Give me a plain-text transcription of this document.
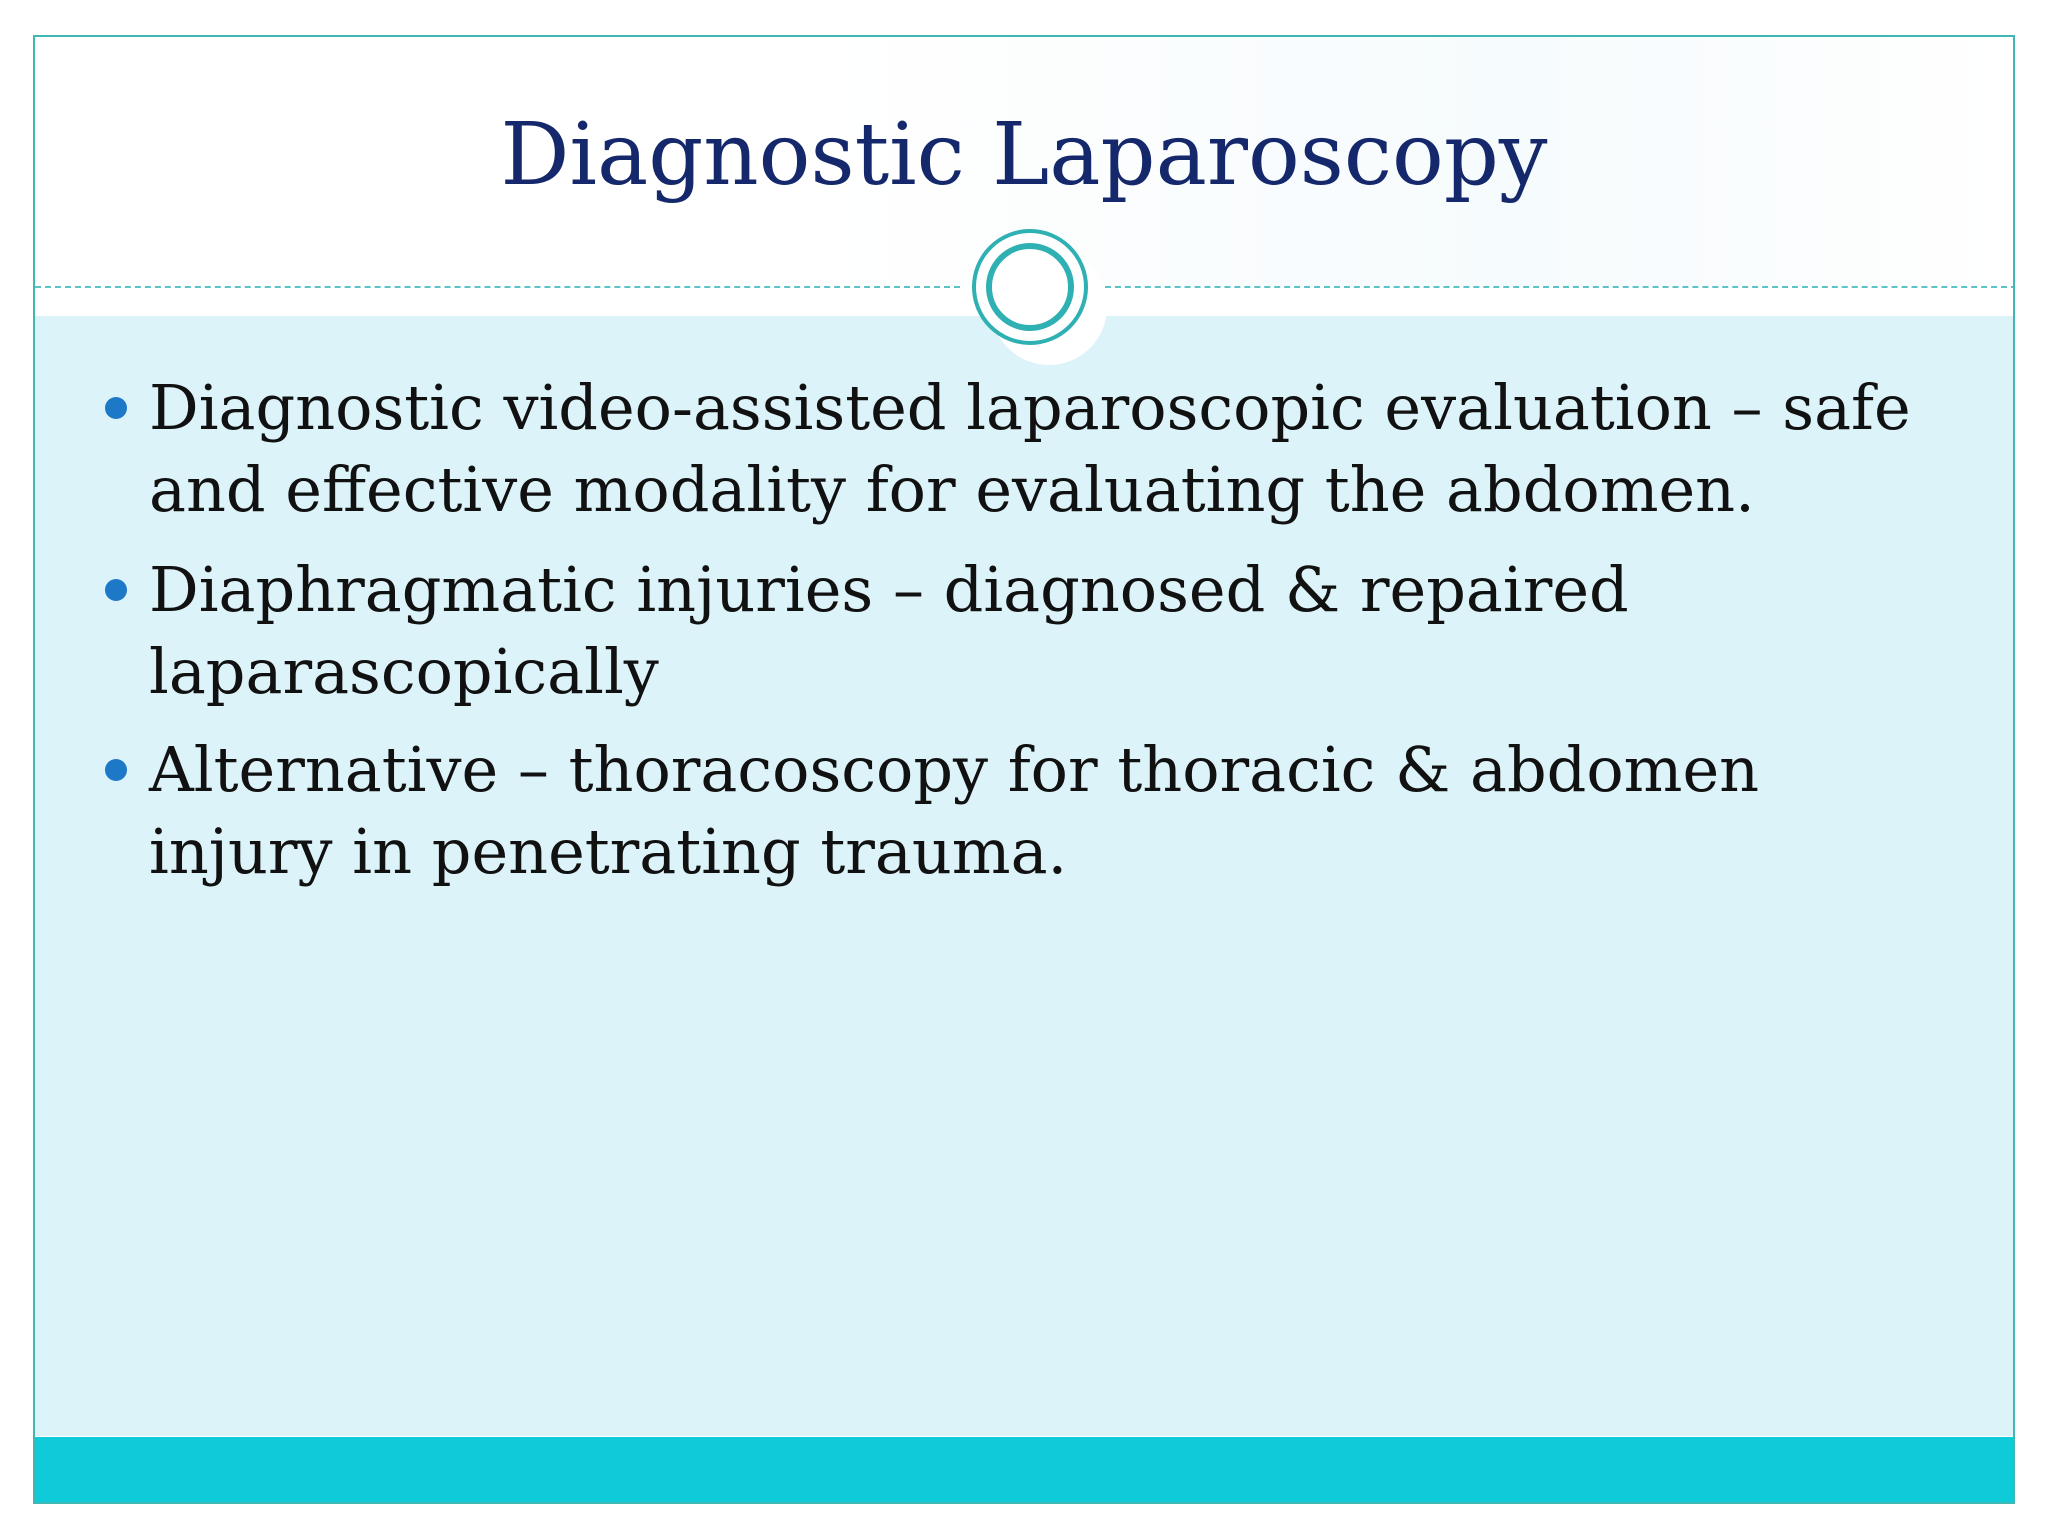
Diagnostic Laparoscopy
Diagnostic video-assisted laparoscopic evaluation – safe and effective modality for evaluating the abdomen.
Diaphragmatic injuries – diagnosed & repaired laparascopically
Alternative – thoracoscopy for thoracic & abdomen injury in penetrating trauma.
